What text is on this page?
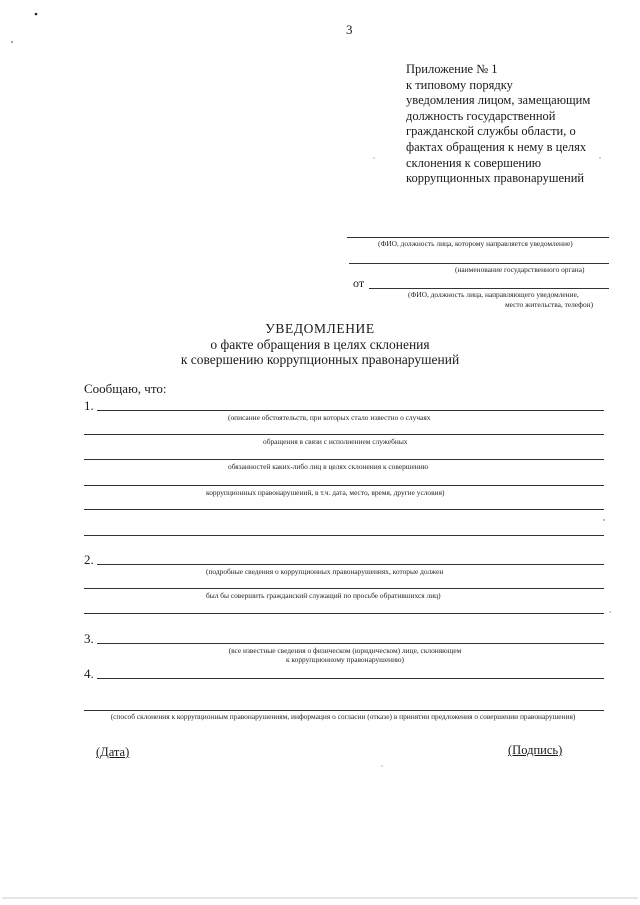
3
Приложение № 1
к типовому порядку
уведомления лицом, замещающим
должность государственной
гражданской службы области, о
фактах обращения к нему в целях
склонения к совершению
коррупционных правонарушений
(ФИО, должность лица, которому направляется уведомление)
(наименование государственного органа)
от
(ФИО, должность лица, направляющего уведомление,
место жительства, телефон)
УВЕДОМЛЕНИЕ
о факте обращения в целях склонения
к совершению коррупционных правонарушений
Сообщаю, что:
1.
(описание обстоятельств, при которых стало известно о случаях
обращения в связи с исполнением служебных
обязанностей каких-либо лиц в целях склонения к совершению
коррупционных правонарушений, в т.ч. дата, место, время, другие условия)
2.
(подробные сведения о коррупционных правонарушениях, которые должен
был бы совершить гражданский служащий по просьбе обратившихся лиц)
3.
(все известные сведения о физическом (юридическом) лице, склоняющем
к коррупционному правонарушению)
4.
(способ склонения к коррупционным правонарушениям, информация о согласии (отказе) в принятии предложения о совершении правонарушения)
(Дата)	(Подпись)
